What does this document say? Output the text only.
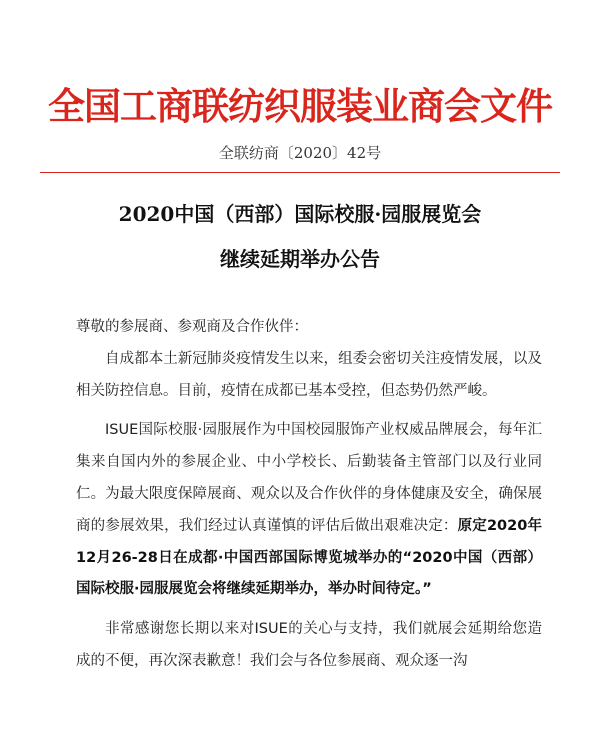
全国工商联纺织服装业商会文件
全联纺商〔2020〕42号
2020中国（西部）国际校服·园服展览会
继续延期举办公告

尊敬的参展商、参观商及合作伙伴：

自成都本土新冠肺炎疫情发生以来，组委会密切关注疫情发展，以及相关防控信息。目前，疫情在成都已基本受控，但态势仍然严峻。

ISUE国际校服·园服展作为中国校园服饰产业权威品牌展会，每年汇集来自国内外的参展企业、中小学校长、后勤装备主管部门以及行业同仁。为最大限度保障展商、观众以及合作伙伴的身体健康及安全，确保展商的参展效果，我们经过认真谨慎的评估后做出艰难决定：原定2020年12月26-28日在成都·中国西部国际博览城举办的“2020中国（西部）国际校服·园服展览会将继续延期举办，举办时间待定。”

非常感谢您长期以来对ISUE的关心与支持，我们就展会延期给您造成的不便，再次深表歉意！我们会与各位参展商、观众逐一沟
